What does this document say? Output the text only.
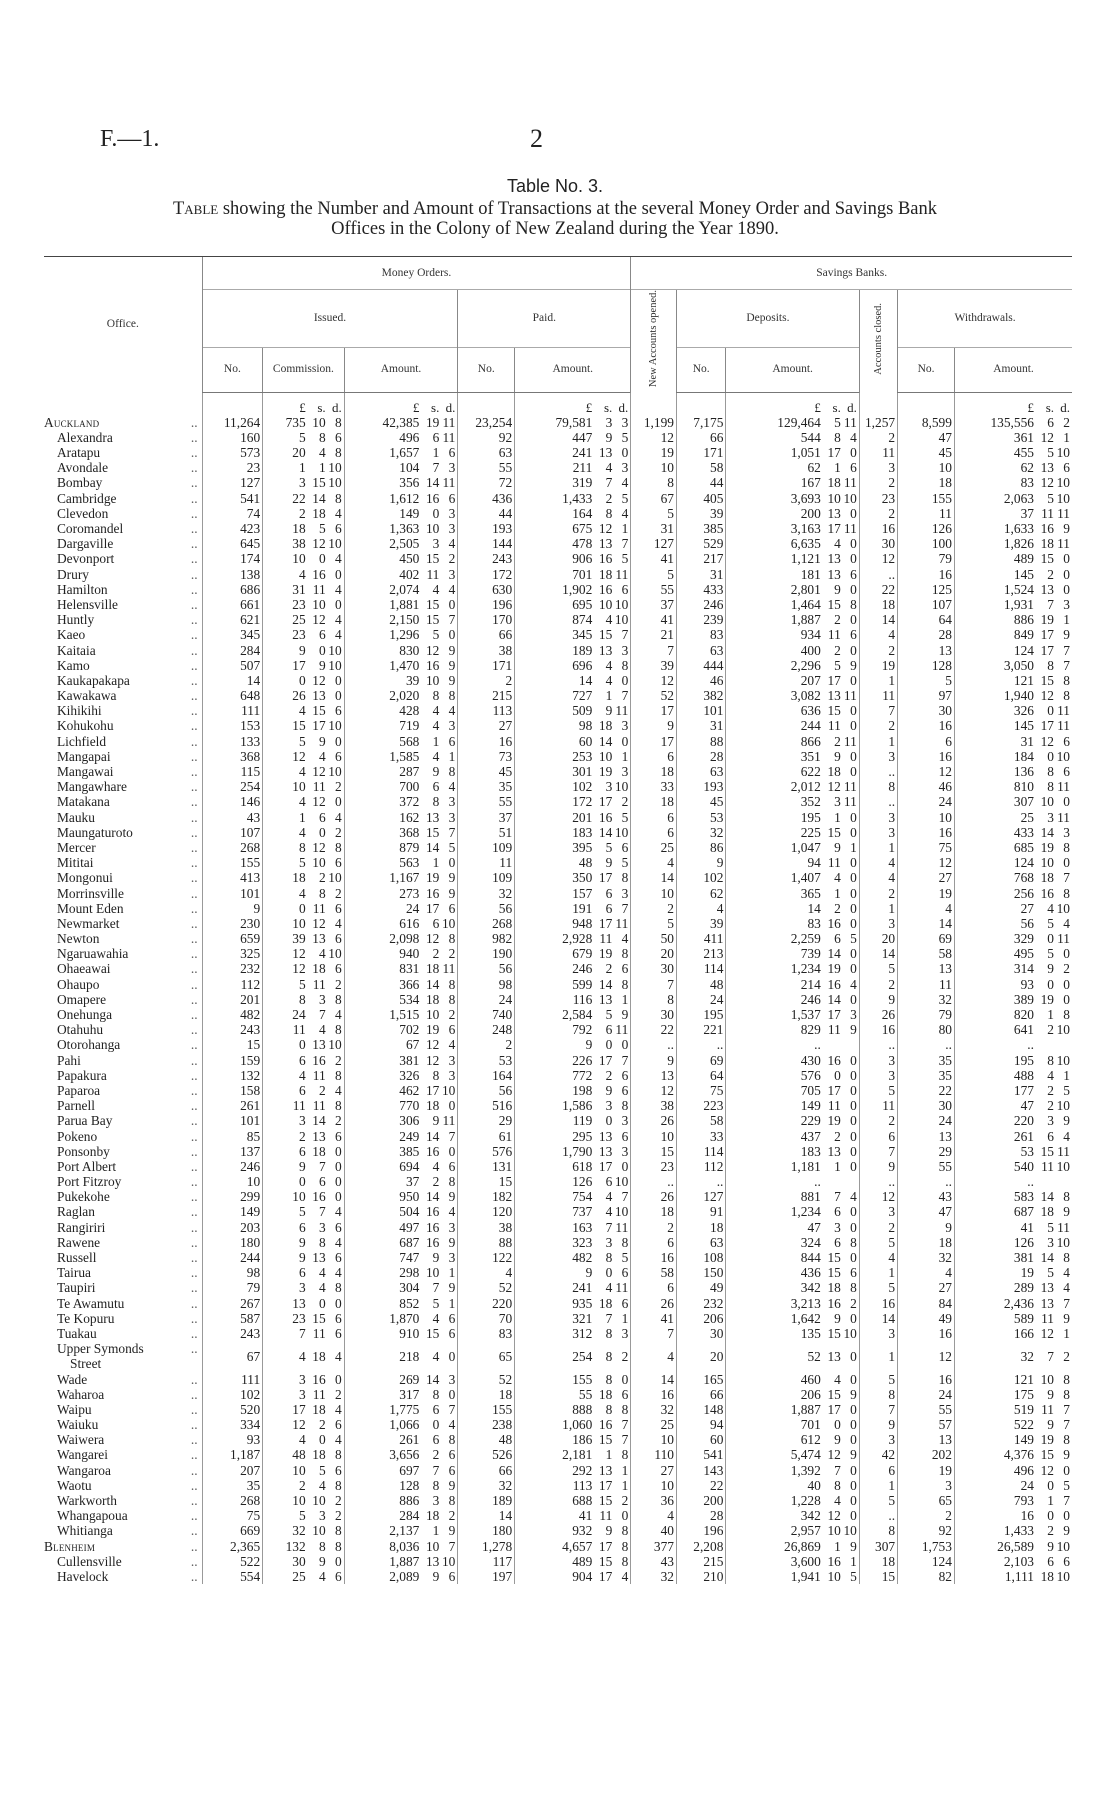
F.—1.	2
Table No. 3.
Table showing the Number and Amount of Transactions at the several Money Order and Savings Bank
Offices in the Colony of New Zealand during the Year 1890.
Office.	Money Orders.					Savings Banks.					
	Issued.			Paid.		New Accounts opened.	Deposits.		Accounts closed.	Withdrawals.	
	No.	Commission.	Amount.	No.	Amount.		No.	Amount.		No.	Amount.
		£ s. d.	£ s. d.		£ s. d.			£ s. d.			£ s. d.

..
Auckland	11,264	735 10 8	42,385 19 11	23,254	79,581 3 3	1,199	7,175	129,464 5 11	1,257	8,599	135,556 6 2

..
Alexandra	160	5 8 6	496 6 11	92	447 9 5	12	66	544 8 4	2	47	361 12 1

..
Aratapu	573	20 4 8	1,657 1 6	63	241 13 0	19	171	1,051 17 0	11	45	455 5 10

..
Avondale	23	1 1 10	104 7 3	55	211 4 3	10	58	62 1 6	3	10	62 13 6

..
Bombay	127	3 15 10	356 14 11	72	319 7 4	8	44	167 18 11	2	18	83 12 10

..
Cambridge	541	22 14 8	1,612 16 6	436	1,433 2 5	67	405	3,693 10 10	23	155	2,063 5 10

..
Clevedon	74	2 18 4	149 0 3	44	164 8 4	5	39	200 13 0	2	11	37 11 11

..
Coromandel	423	18 5 6	1,363 10 3	193	675 12 1	31	385	3,163 17 11	16	126	1,633 16 9

..
Dargaville	645	38 12 10	2,505 3 4	144	478 13 7	127	529	6,635 4 0	30	100	1,826 18 11

..
Devonport	174	10 0 4	450 15 2	243	906 16 5	41	217	1,121 13 0	12	79	489 15 0

..
Drury	138	4 16 0	402 11 3	172	701 18 11	5	31	181 13 6	..	16	145 2 0

..
Hamilton	686	31 11 4	2,074 4 4	630	1,902 16 6	55	433	2,801 9 0	22	125	1,524 13 0

..
Helensville	661	23 10 0	1,881 15 0	196	695 10 10	37	246	1,464 15 8	18	107	1,931 7 3

..
Huntly	621	25 12 4	2,150 15 7	170	874 4 10	41	239	1,887 2 0	14	64	886 19 1

..
Kaeo	345	23 6 4	1,296 5 0	66	345 15 7	21	83	934 11 6	4	28	849 17 9

..
Kaitaia	284	9 0 10	830 12 9	38	189 13 3	7	63	400 2 0	2	13	124 17 7

..
Kamo	507	17 9 10	1,470 16 9	171	696 4 8	39	444	2,296 5 9	19	128	3,050 8 7

..
Kaukapakapa	14	0 12 0	39 10 9	2	14 4 0	12	46	207 17 0	1	5	121 15 8

..
Kawakawa	648	26 13 0	2,020 8 8	215	727 1 7	52	382	3,082 13 11	11	97	1,940 12 8

..
Kihikihi	111	4 15 6	428 4 4	113	509 9 11	17	101	636 15 0	7	30	326 0 11

..
Kohukohu	153	15 17 10	719 4 3	27	98 18 3	9	31	244 11 0	2	16	145 17 11

..
Lichfield	133	5 9 0	568 1 6	16	60 14 0	17	88	866 2 11	1	6	31 12 6

..
Mangapai	368	12 4 6	1,585 4 1	73	253 10 1	6	28	351 9 0	3	16	184 0 10

..
Mangawai	115	4 12 10	287 9 8	45	301 19 3	18	63	622 18 0	..	12	136 8 6

..
Mangawhare	254	10 11 2	700 6 4	35	102 3 10	33	193	2,012 12 11	8	46	810 8 11

..
Matakana	146	4 12 0	372 8 3	55	172 17 2	18	45	352 3 11	..	24	307 10 0

..
Mauku	43	1 6 4	162 13 3	37	201 16 5	6	53	195 1 0	3	10	25 3 11

..
Maungaturoto	107	4 0 2	368 15 7	51	183 14 10	6	32	225 15 0	3	16	433 14 3

..
Mercer	268	8 12 8	879 14 5	109	395 5 6	25	86	1,047 9 1	1	75	685 19 8

..
Mititai	155	5 10 6	563 1 0	11	48 9 5	4	9	94 11 0	4	12	124 10 0

..
Mongonui	413	18 2 10	1,167 19 9	109	350 17 8	14	102	1,407 4 0	4	27	768 18 7

..
Morrinsville	101	4 8 2	273 16 9	32	157 6 3	10	62	365 1 0	2	19	256 16 8

..
Mount Eden	9	0 11 6	24 17 6	56	191 6 7	2	4	14 2 0	1	4	27 4 10

..
Newmarket	230	10 12 4	616 6 10	268	948 17 11	5	39	83 16 0	3	14	56 5 4

..
Newton	659	39 13 6	2,098 12 8	982	2,928 11 4	50	411	2,259 6 5	20	69	329 0 11

..
Ngaruawahia	325	12 4 10	940 2 2	190	679 19 8	20	213	739 14 0	14	58	495 5 0

..
Ohaeawai	232	12 18 6	831 18 11	56	246 2 6	30	114	1,234 19 0	5	13	314 9 2

..
Ohaupo	112	5 11 2	366 14 8	98	599 14 8	7	48	214 16 4	2	11	93 0 0

..
Omapere	201	8 3 8	534 18 8	24	116 13 1	8	24	246 14 0	9	32	389 19 0

..
Onehunga	482	24 7 4	1,515 10 2	740	2,584 5 9	30	195	1,537 17 3	26	79	820 1 8

..
Otahuhu	243	11 4 8	702 19 6	248	792 6 11	22	221	829 11 9	16	80	641 2 10

..
Otorohanga	15	0 13 10	67 12 4	2	9 0 0	..	..	..	..	..	..

..
Pahi	159	6 16 2	381 12 3	53	226 17 7	9	69	430 16 0	3	35	195 8 10

..
Papakura	132	4 11 8	326 8 3	164	772 2 6	13	64	576 0 0	3	35	488 4 1

..
Paparoa	158	6 2 4	462 17 10	56	198 9 6	12	75	705 17 0	5	22	177 2 5

..
Parnell	261	11 11 8	770 18 0	516	1,586 3 8	38	223	149 11 0	11	30	47 2 10

..
Parua Bay	101	3 14 2	306 9 11	29	119 0 3	26	58	229 19 0	2	24	220 3 9

..
Pokeno	85	2 13 6	249 14 7	61	295 13 6	10	33	437 2 0	6	13	261 6 4

..
Ponsonby	137	6 18 0	385 16 0	576	1,790 13 3	15	114	183 13 0	7	29	53 15 11

..
Port Albert	246	9 7 0	694 4 6	131	618 17 0	23	112	1,181 1 0	9	55	540 11 10

..
Port Fitzroy	10	0 6 0	37 2 8	15	126 6 10	..	..	..	..	..	..

..
Pukekohe	299	10 16 0	950 14 9	182	754 4 7	26	127	881 7 4	12	43	583 14 8

..
Raglan	149	5 7 4	504 16 4	120	737 4 10	18	91	1,234 6 0	3	47	687 18 9

..
Rangiriri	203	6 3 6	497 16 3	38	163 7 11	2	18	47 3 0	2	9	41 5 11

..
Rawene	180	9 8 4	687 16 9	88	323 3 8	6	63	324 6 8	5	18	126 3 10

..
Russell	244	9 13 6	747 9 3	122	482 8 5	16	108	844 15 0	4	32	381 14 8

..
Tairua	98	6 4 4	298 10 1	4	9 0 6	58	150	436 15 6	1	4	19 5 4

..
Taupiri	79	3 4 8	304 7 9	52	241 4 11	6	49	342 18 8	5	27	289 13 4

..
Te Awamutu	267	13 0 0	852 5 1	220	935 18 6	26	232	3,213 16 2	16	84	2,436 13 7

..
Te Kopuru	587	23 15 6	1,870 4 6	70	321 7 1	41	206	1,642 9 0	14	49	589 11 9

..
Tuakau	243	7 11 6	910 15 6	83	312 8 3	7	30	135 15 10	3	16	166 12 1

..
Upper Symonds
Street	67	4 18 4	218 4 0	65	254 8 2	4	20	52 13 0	1	12	32 7 2

..
Wade	111	3 16 0	269 14 3	52	155 8 0	14	165	460 4 0	5	16	121 10 8

..
Waharoa	102	3 11 2	317 8 0	18	55 18 6	16	66	206 15 9	8	24	175 9 8

..
Waipu	520	17 18 4	1,775 6 7	155	888 8 8	32	148	1,887 17 0	7	55	519 11 7

..
Waiuku	334	12 2 6	1,066 0 4	238	1,060 16 7	25	94	701 0 0	9	57	522 9 7

..
Waiwera	93	4 0 4	261 6 8	48	186 15 7	10	60	612 9 0	3	13	149 19 8

..
Wangarei	1,187	48 18 8	3,656 2 6	526	2,181 1 8	110	541	5,474 12 9	42	202	4,376 15 9

..
Wangaroa	207	10 5 6	697 7 6	66	292 13 1	27	143	1,392 7 0	6	19	496 12 0

..
Waotu	35	2 4 8	128 8 9	32	113 17 1	10	22	40 8 0	1	3	24 0 5

..
Warkworth	268	10 10 2	886 3 8	189	688 15 2	36	200	1,228 4 0	5	65	793 1 7

..
Whangapoua	75	5 3 2	284 18 2	14	41 11 0	4	28	342 12 0	..	2	16 0 0

..
Whitianga	669	32 10 8	2,137 1 9	180	932 9 8	40	196	2,957 10 10	8	92	1,433 2 9

..
Blenheim	2,365	132 8 8	8,036 10 7	1,278	4,657 17 8	377	2,208	26,869 1 9	307	1,753	26,589 9 10

..
Cullensville	522	30 9 0	1,887 13 10	117	489 15 8	43	215	3,600 16 1	18	124	2,103 6 6

..
Havelock	554	25 4 6	2,089 9 6	197	904 17 4	32	210	1,941 10 5	15	82	1,111 18 10
